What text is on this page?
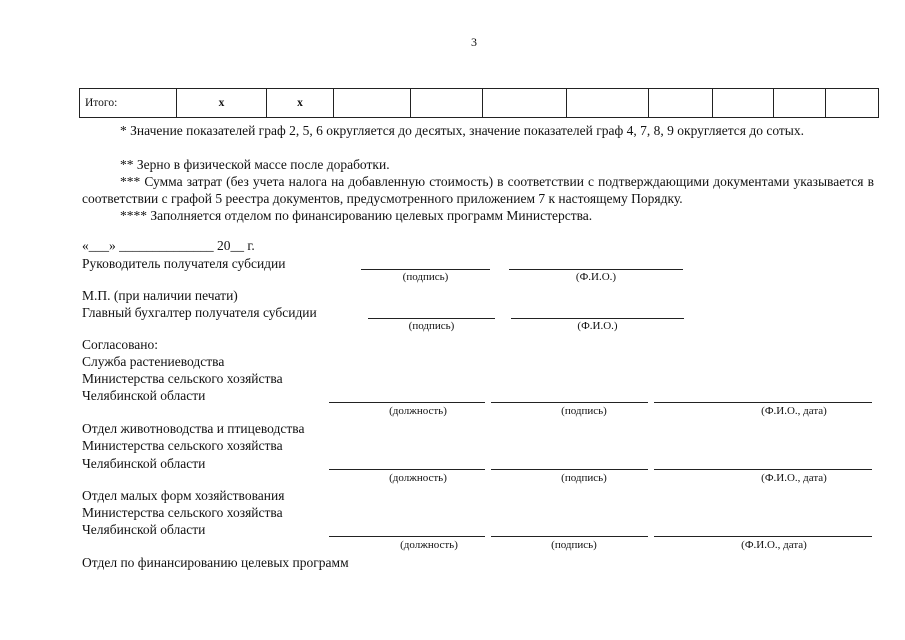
3
Итого:	x	x
* Значение показателей граф 2, 5, 6 округляется до десятых, значение показателей граф 4, 7, 8, 9 округляется до сотых.
** Зерно в физической массе после доработки.
*** Сумма затрат (без учета налога на добавленную стоимость) в соответствии с подтверждающими документами указывается в соответствии с графой 5 реестра документов, предусмотренного приложением 7 к настоящему Порядку.
**** Заполняется отделом по финансированию целевых программ Министерства.
«___» ______________ 20__ г.
Руководитель получателя субсидии
(подпись)	(Ф.И.О.)
М.П. (при наличии печати)
Главный бухгалтер получателя субсидии
(подпись)	(Ф.И.О.)
Согласовано:
Служба растениеводства
Министерства сельского хозяйства
Челябинской области
(должность)	(подпись)	(Ф.И.О., дата)
Отдел животноводства и птицеводства
Министерства сельского хозяйства
Челябинской области
(должность)	(подпись)	(Ф.И.О., дата)
Отдел малых форм хозяйствования
Министерства сельского хозяйства
Челябинской области
(должность)	(подпись)	(Ф.И.О., дата)
Отдел по финансированию целевых программ
